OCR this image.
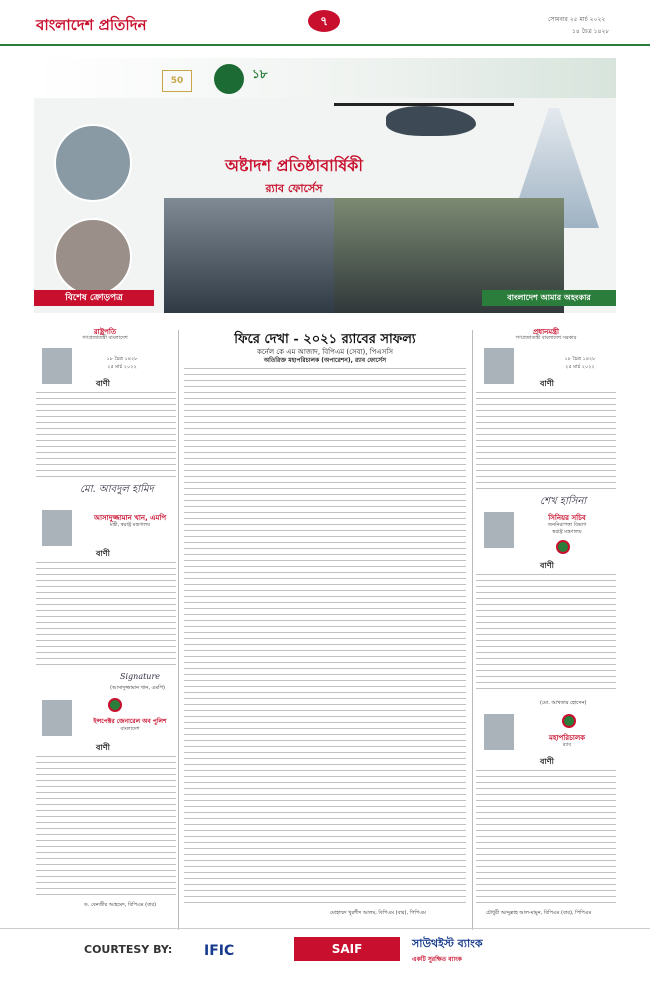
বাংলাদেশ প্রতিদিন	৭	সোমবার ২৫ মার্চ ২০২২
১৪ চৈত্র ১৪২৮
50	১৮
অষ্টাদশ প্রতিষ্ঠাবার্ষিকী
র‍্যাব ফোর্সেস
বিশেষ ক্রোড়পত্র	বাংলাদেশ আমার অহংকার
রাষ্ট্রপতি
গণপ্রজাতন্ত্রী বাংলাদেশ
১৮ চৈত্র ১৪২৮
২৫ মার্চ ২০২২
বাণী
মো. আবদুল হামিদ
আসাদুজ্জামান খান, এমপি
মন্ত্রী, স্বরাষ্ট্র মন্ত্রণালয়
বাণী
Signature
(আসাদুজ্জামান খান, এমপি)
ইন্সপেক্টর জেনারেল অব পুলিশ
বাংলাদেশ
বাণী
ড. বেনজীর আহমেদ, বিপিএম (বার)
ফিরে দেখা - ২০২১ র‍্যাবের সাফল্য
কর্নেল কে এম আজাদ, বিপিএম (সেবা), পিএসসি
অতিরিক্ত মহাপরিচালক (অপারেশন), র‍্যাব ফোর্সেস
মোহাম্মদ খুরশীদ আলম, বিপিএম (বার), পিপিএম
প্রধানমন্ত্রী
গণপ্রজাতন্ত্রী বাংলাদেশ সরকার
১৮ চৈত্র ১৪২৮
২৫ মার্চ ২০২২
বাণী
শেখ হাসিনা
সিনিয়র সচিব
জননিরাপত্তা বিভাগ
স্বরাষ্ট্র মন্ত্রণালয়
বাণী
(মো. আখতার হোসেন)
মহাপরিচালক
র‍্যাব
বাণী
চৌধুরী আব্দুল্লাহ আল-মামুন, বিপিএম (বার), পিপিএম
COURTESY BY: IFIC	SAIF POWERTEC
সাউথইস্ট ব্যাংক
একটি সুরক্ষিত ব্যাংক
